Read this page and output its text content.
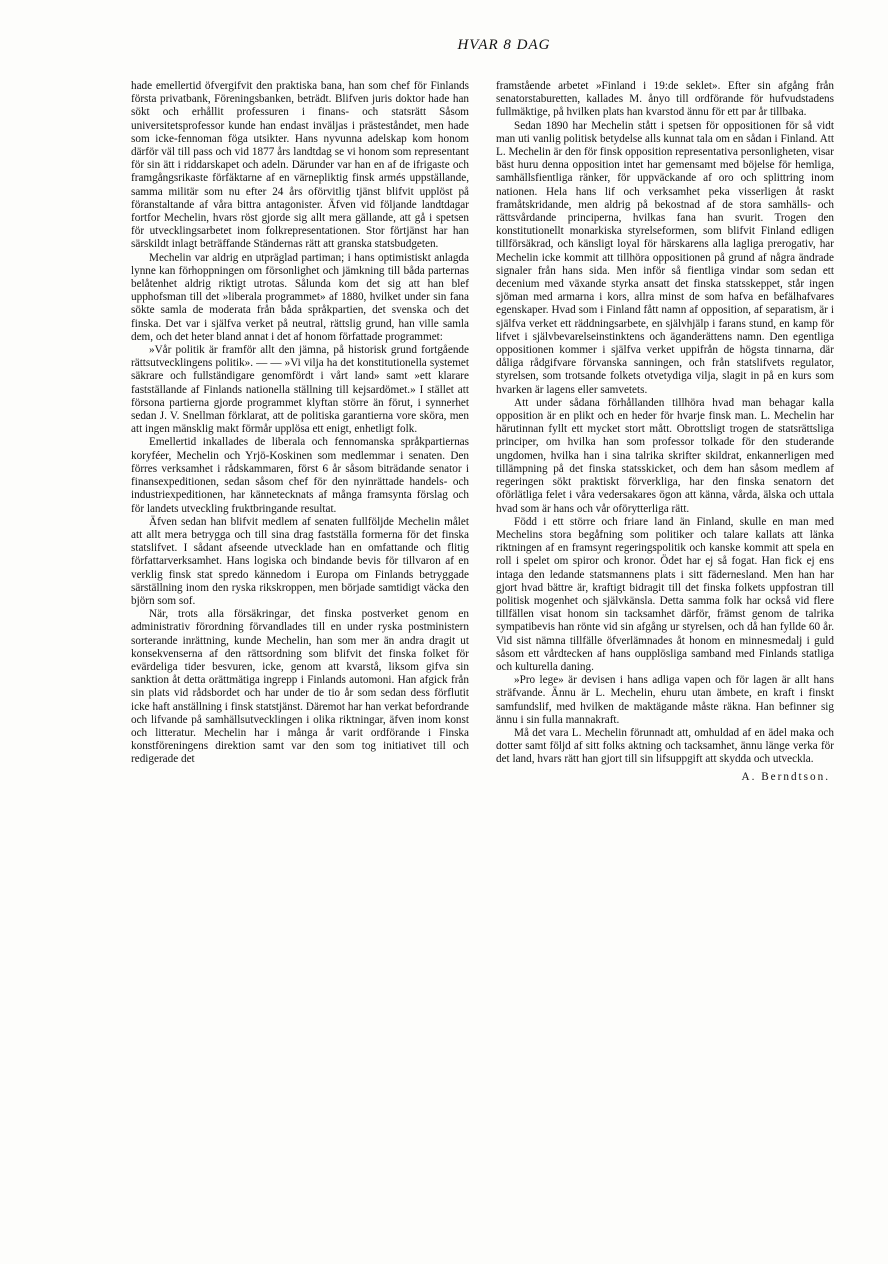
HVAR 8 DAG

hade emellertid öfvergifvit den praktiska bana, han som chef för Finlands första privatbank, Föreningsbanken, beträdt. Blifven juris doktor hade han sökt och erhållit professuren i finans- och statsrätt Såsom universitetsprofessor kunde han endast inväljas i prästeståndet, men hade som icke-fennoman föga utsikter. Hans nyvunna adelskap kom honom därför väl till pass och vid 1877 års landtdag se vi honom som representant för sin ätt i riddarskapet och adeln. Därunder var han en af de ifrigaste och framgångsrikaste förfäktarne af en värnepliktig finsk armés uppställande, samma militär som nu efter 24 års oförvitlig tjänst blifvit upplöst på föranstaltande af våra bittra antagonister. Äfven vid följande landtdagar fortfor Mechelin, hvars röst gjorde sig allt mera gällande, att gå i spetsen för utvecklingsarbetet inom folkrepresentationen. Stor förtjänst har han särskildt inlagt beträffande Ständernas rätt att granska statsbudgeten.

Mechelin var aldrig en utpräglad partiman; i hans optimistiskt anlagda lynne kan förhoppningen om försonlighet och jämkning till båda parternas belåtenhet aldrig riktigt utrotas. Sålunda kom det sig att han blef upphofsman till det »liberala programmet» af 1880, hvilket under sin fana sökte samla de moderata från båda språkpartien, det svenska och det finska. Det var i själfva verket på neutral, rättslig grund, han ville samla dem, och det heter bland annat i det af honom författade programmet:

»Vår politik är framför allt den jämna, på historisk grund fortgående rättsutvecklingens politik». — — »Vi vilja ha det konstitutionella systemet säkrare och fullständigare genomfördt i vårt land» samt »ett klarare fastställande af Finlands nationella ställning till kejsardömet.» I stället att försona partierna gjorde programmet klyftan större än förut, i synnerhet sedan J. V. Snellman förklarat, att de politiska garantierna vore sköra, men att ingen mänsklig makt förmår upplösa ett enigt, enhetligt folk.

Emellertid inkallades de liberala och fennomanska språkpartiernas koryféer, Mechelin och Yrjö-Koskinen som medlemmar i senaten. Den förres verksamhet i rådskammaren, först 6 år såsom biträdande senator i finansexpeditionen, sedan såsom chef för den nyinrättade handels- och industriexpeditionen, har kännetecknats af många framsynta förslag och för landets utveckling fruktbringande resultat.

Äfven sedan han blifvit medlem af senaten fullföljde Mechelin målet att allt mera betrygga och till sina drag fastställa formerna för det finska statslifvet. I sådant afseende utvecklade han en omfattande och flitig författarverksamhet. Hans logiska och bindande bevis för tillvaron af en verklig finsk stat spredo kännedom i Europa om Finlands betryggade särställning inom den ryska rikskroppen, men började samtidigt väcka den björn som sof.

När, trots alla försäkringar, det finska postverket genom en administrativ förordning förvandlades till en under ryska postministern sorterande inrättning, kunde Mechelin, han som mer än andra dragit ut konsekvenserna af den rättsordning som blifvit det finska folket för evärdeliga tider besvuren, icke, genom att kvarstå, liksom gifva sin sanktion åt detta orättmätiga ingrepp i Finlands automoni. Han afgick från sin plats vid rådsbordet och har under de tio år som sedan dess förflutit icke haft anställning i finsk statstjänst. Däremot har han verkat befordrande och lifvande på samhällsutvecklingen i olika riktningar, äfven inom konst och litteratur. Mechelin har i många år varit ordförande i Finska konstföreningens direktion samt var den som tog initiativet till och redigerade det

framstående arbetet »Finland i 19:de seklet». Efter sin afgång från senatorstaburetten, kallades M. ånyo till ordförande för hufvudstadens fullmäktige, på hvilken plats han kvarstod ännu för ett par år tillbaka.

Sedan 1890 har Mechelin stått i spetsen för oppositionen för så vidt man uti vanlig politisk betydelse alls kunnat tala om en sådan i Finland. Att L. Mechelin är den för finsk opposition representativa personligheten, visar bäst huru denna opposition intet har gemensamt med böjelse för hemliga, samhällsfientliga ränker, för uppväckande af oro och splittring inom nationen. Hela hans lif och verksamhet peka visserligen åt raskt framåtskridande, men aldrig på bekostnad af de stora samhälls- och rättsvårdande principerna, hvilkas fana han svurit. Trogen den konstitutionellt monarkiska styrelseformen, som blifvit Finland edligen tillförsäkrad, och känsligt loyal för härskarens alla lagliga prerogativ, har Mechelin icke kommit att tillhöra oppositionen på grund af några ändrade signaler från hans sida. Men inför så fientliga vindar som sedan ett decenium med växande styrka ansatt det finska statsskeppet, står ingen sjöman med armarna i kors, allra minst de som hafva en befälhafvares egenskaper. Hvad som i Finland fått namn af opposition, af separatism, är i själfva verket ett räddningsarbete, en självhjälp i farans stund, en kamp för lifvet i självbevarelseinstinktens och äganderättens namn. Den egentliga oppositionen kommer i själfva verket uppifrån de högsta tinnarna, där dåliga rådgifvare förvanska sanningen, och från statslifvets regulator, styrelsen, som trotsande folkets otvetydiga vilja, slagit in på en kurs som hvarken är lagens eller samvetets.

Att under sådana förhållanden tillhöra hvad man behagar kalla opposition är en plikt och en heder för hvarje finsk man. L. Mechelin har härutinnan fyllt ett mycket stort mått. Obrottsligt trogen de statsrättsliga principer, om hvilka han som professor tolkade för den studerande ungdomen, hvilka han i sina talrika skrifter skildrat, enkannerligen med tillämpning på det finska statsskicket, och dem han såsom medlem af regeringen sökt praktiskt förverkliga, har den finska senatorn det oförlätliga felet i våra vedersakares ögon att känna, vårda, älska och uttala hvad som är hans och vår oförytterliga rätt.

Född i ett större och friare land än Finland, skulle en man med Mechelins stora begåfning som politiker och talare kallats att länka riktningen af en framsynt regeringspolitik och kanske kommit att spela en roll i spelet om spiror och kronor. Ödet har ej så fogat. Han fick ej ens intaga den ledande statsmannens plats i sitt fädernesland. Men han har gjort hvad bättre är, kraftigt bidragit till det finska folkets uppfostran till politisk mogenhet och självkänsla. Detta samma folk har också vid flere tillfällen visat honom sin tacksamhet därför, främst genom de talrika sympatibevis han rönte vid sin afgång ur styrelsen, och då han fyllde 60 år. Vid sist nämna tillfälle öfverlämnades åt honom en minnesmedalj i guld såsom ett vårdtecken af hans oupplösliga samband med Finlands statliga och kulturella daning.

»Pro lege» är devisen i hans adliga vapen och för lagen är allt hans sträfvande. Ännu är L. Mechelin, ehuru utan ämbete, en kraft i finskt samfundslif, med hvilken de maktägande måste räkna. Han befinner sig ännu i sin fulla mannakraft.

Må det vara L. Mechelin förunnadt att, omhuldad af en ädel maka och dotter samt följd af sitt folks aktning och tacksamhet, ännu länge verka för det land, hvars rätt han gjort till sin lifsuppgift att skydda och utveckla.

A. Berndtson.
